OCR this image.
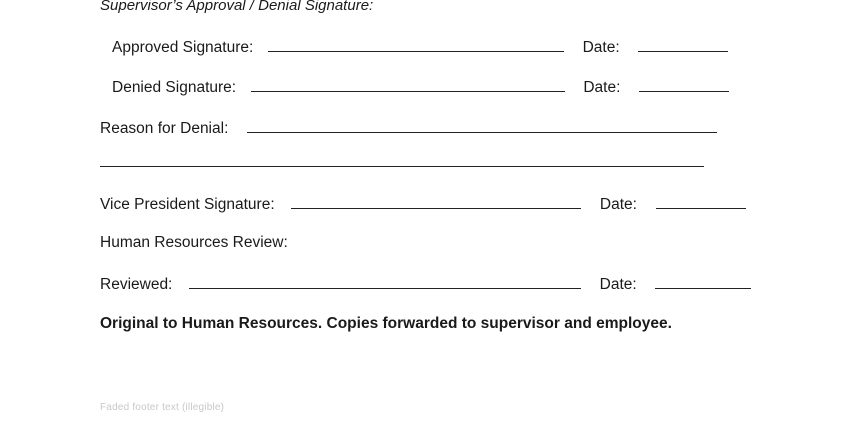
Supervisor’s Approval / Denial Signature:
Approved Signature:	Date:
Denied Signature:	Date:
Reason for Denial:
Vice President Signature:	Date:
Human Resources Review:
Reviewed:	Date:
Original to Human Resources. Copies forwarded to supervisor and employee.
Faded footer text (illegible)
